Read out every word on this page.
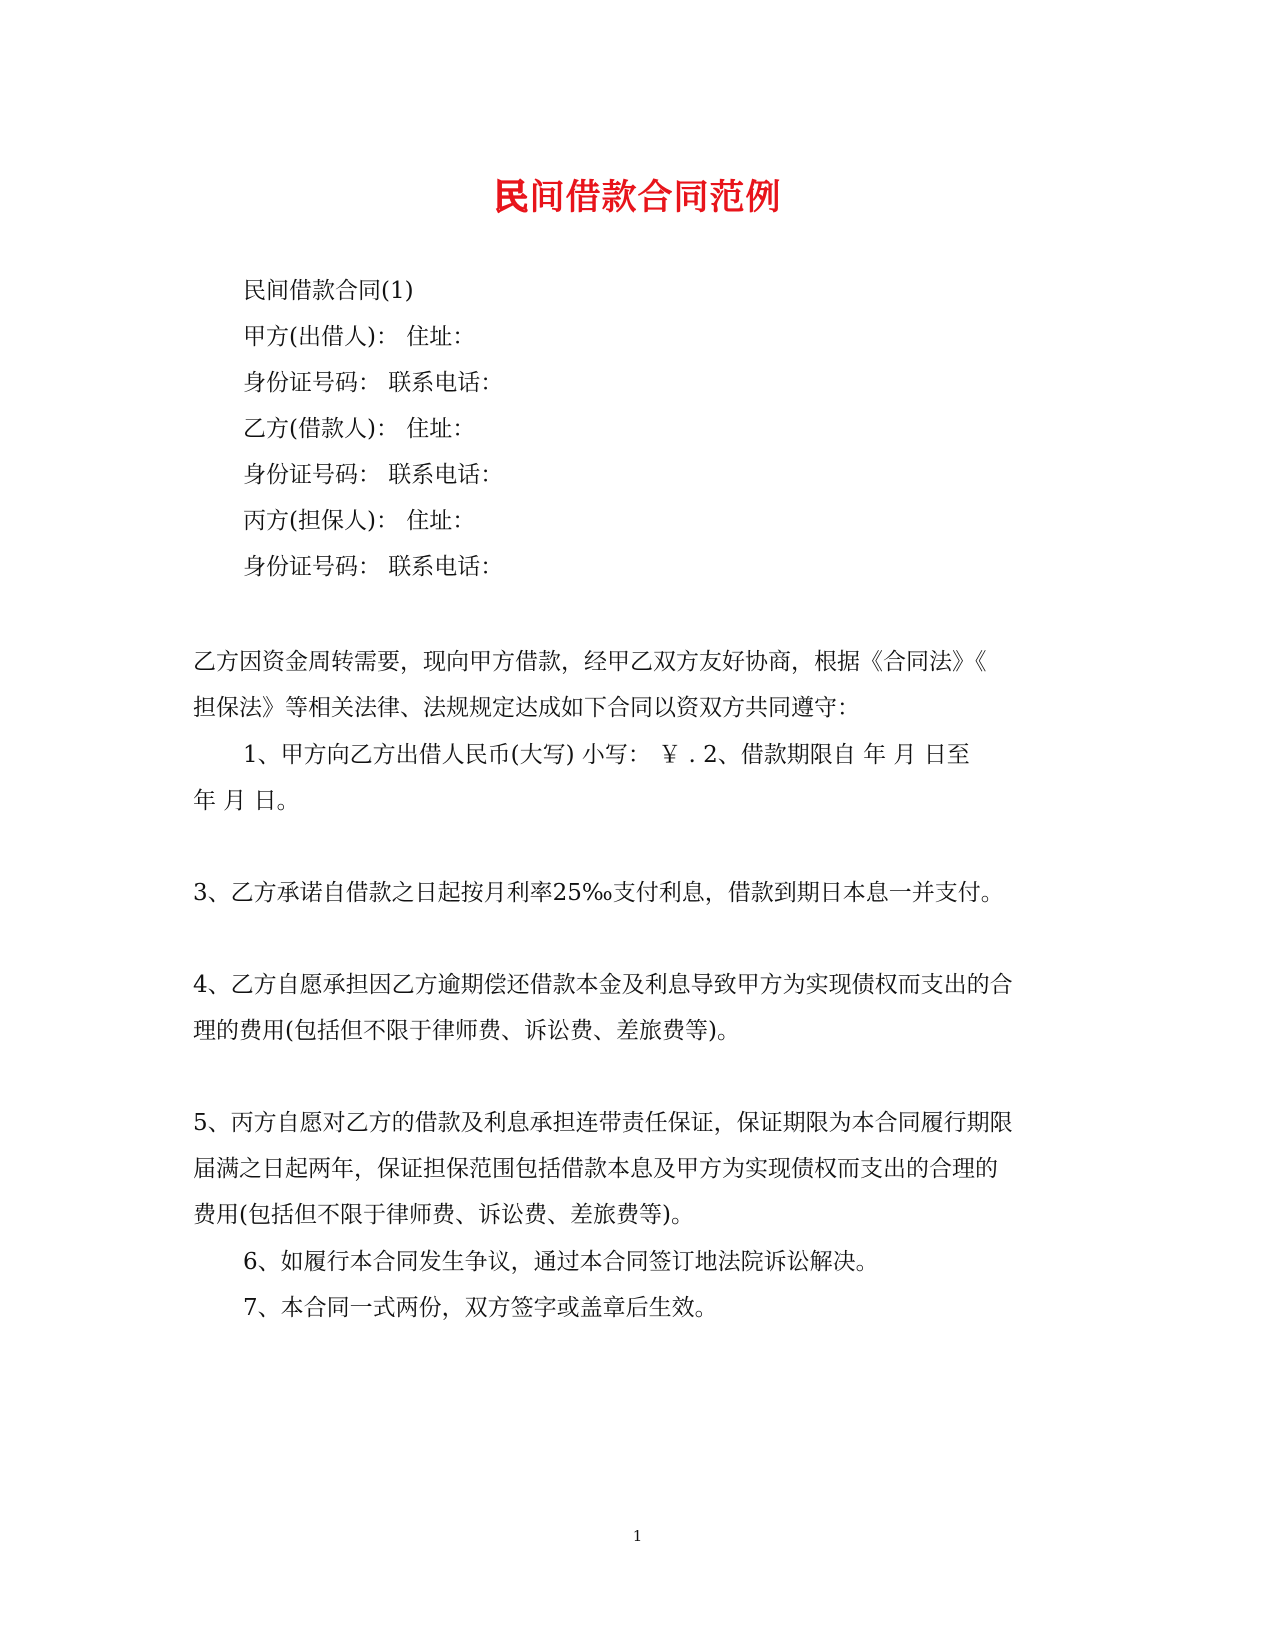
民间借款合同范例
民间借款合同(1)
甲方(出借人)： 住址：
身份证号码： 联系电话：
乙方(借款人)： 住址：
身份证号码： 联系电话：
丙方(担保人)： 住址：
身份证号码： 联系电话：
乙方因资金周转需要，现向甲方借款，经甲乙双方友好协商，根据《合同法》《
担保法》等相关法律、法规规定达成如下合同以资双方共同遵守：
1、甲方向乙方出借人民币(大写) 小写： ￥ . 2、借款期限自 年 月 日至
年 月 日。
3、乙方承诺自借款之日起按月利率25‰支付利息，借款到期日本息一并支付。
4、乙方自愿承担因乙方逾期偿还借款本金及利息导致甲方为实现债权而支出的合
理的费用(包括但不限于律师费、诉讼费、差旅费等)。
5、丙方自愿对乙方的借款及利息承担连带责任保证，保证期限为本合同履行期限
届满之日起两年，保证担保范围包括借款本息及甲方为实现债权而支出的合理的
费用(包括但不限于律师费、诉讼费、差旅费等)。
6、如履行本合同发生争议，通过本合同签订地法院诉讼解决。
7、本合同一式两份，双方签字或盖章后生效。
1
